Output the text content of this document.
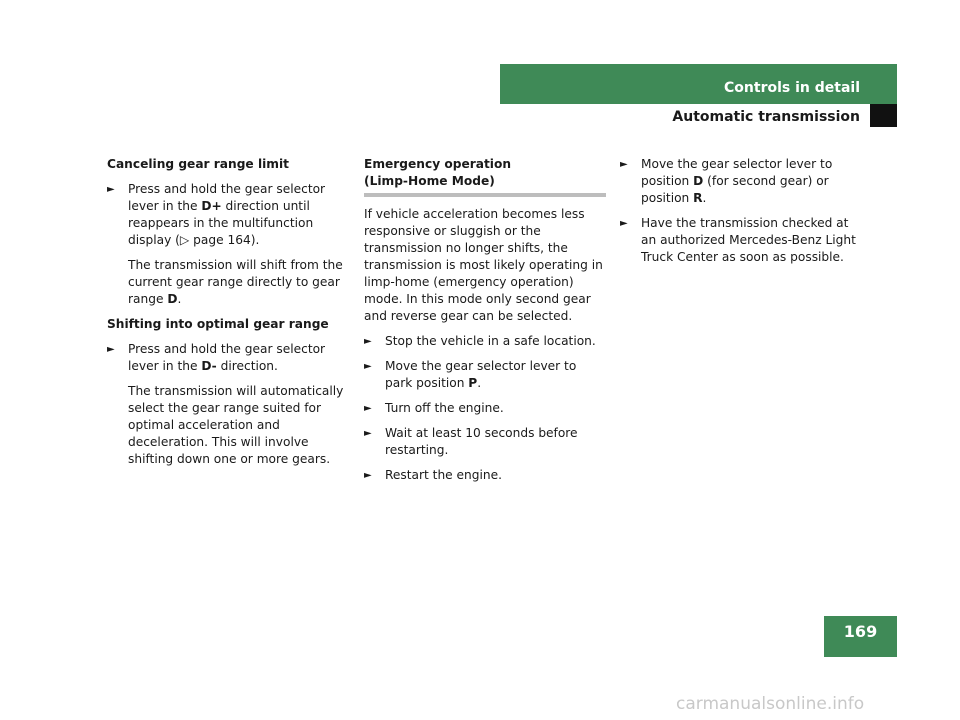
Controls in detail
Automatic transmission
169

Canceling gear range limit

► Press and hold the gear selector lever in the D+ direction until reappears in the multifunction display (▷ page 164).

The transmission will shift from the current gear range directly to gear range D.

Shifting into optimal gear range

► Press and hold the gear selector lever in the D- direction.

The transmission will automatically select the gear range suited for optimal acceleration and deceleration. This will involve shifting down one or more gears.

Emergency operation
(Limp-Home Mode)

If vehicle acceleration becomes less responsive or sluggish or the transmission no longer shifts, the transmission is most likely operating in limp-home (emergency operation) mode. In this mode only second gear and reverse gear can be selected.

► Stop the vehicle in a safe location.

► Move the gear selector lever to park position P.

► Turn off the engine.

► Wait at least 10 seconds before restarting.

► Restart the engine.

► Move the gear selector lever to position D (for second gear) or position R.

► Have the transmission checked at an authorized Mercedes-Benz Light Truck Center as soon as possible.

carmanualsonline.info
